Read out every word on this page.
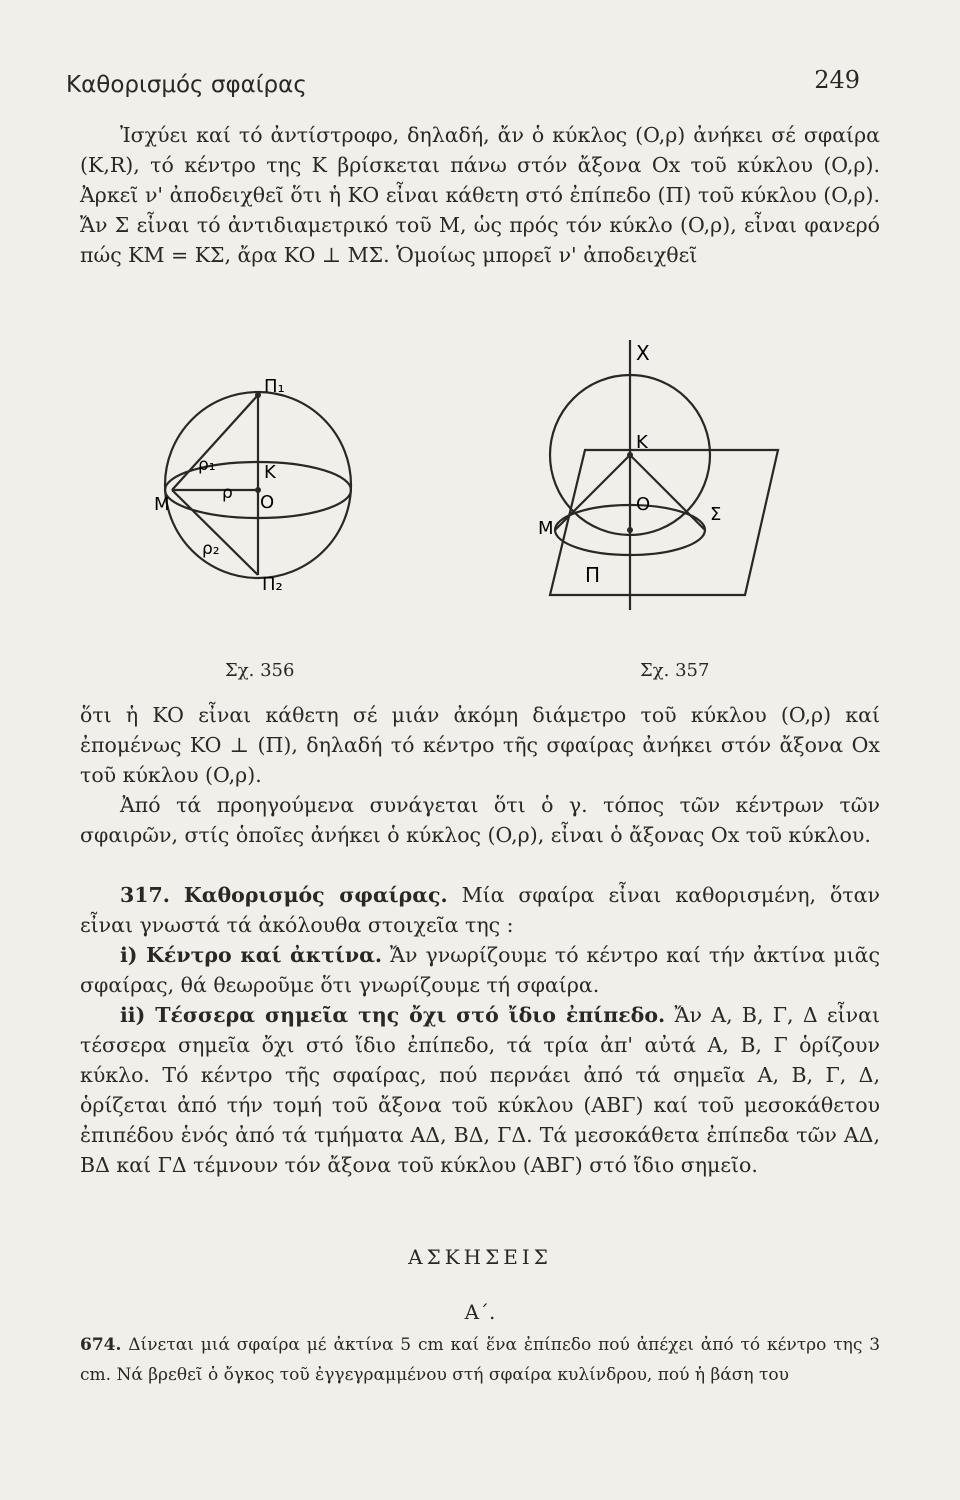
Καθορισμός σφαίρας	249

Ἰσχύει καί τό ἀντίστροφο, δηλαδή, ἄν ὁ κύκλος (O,ρ) ἀνήκει σέ σφαίρα (K,R), τό κέντρο της K βρίσκεται πάνω στόν ἄξονα Ox τοῦ κύκλου (O,ρ). Ἀρκεῖ ν' ἀποδειχθεῖ ὅτι ἡ KO εἶναι κάθετη στό ἐπίπεδο (Π) τοῦ κύκλου (O,ρ). Ἄν Σ εἶναι τό ἀντιδιαμετρικό τοῦ M, ὡς πρός τόν κύκλο (O,ρ), εἶναι φανερό πώς KM = KΣ, ἄρα KO ⊥ MΣ. Ὁμοίως μπορεῖ ν' ἀποδειχθεῖ

Π₁
Π₂
ρ₁
ρ₂
ρ
K
O
M
Σχ. 356
X
K
O
M
Σ
Π
Σχ. 357

ὅτι ἡ KO εἶναι κάθετη σέ μιάν ἀκόμη διάμετρο τοῦ κύκλου (O,ρ) καί ἐπομένως KO ⊥ (Π), δηλαδή τό κέντρο τῆς σφαίρας ἀνήκει στόν ἄξονα Ox τοῦ κύκλου (O,ρ).

Ἀπό τά προηγούμενα συνάγεται ὅτι ὁ γ. τόπος τῶν κέντρων τῶν σφαιρῶν, στίς ὁποῖες ἀνήκει ὁ κύκλος (O,ρ), εἶναι ὁ ἄξονας Ox τοῦ κύκλου.

317. Καθορισμός σφαίρας. Μία σφαίρα εἶναι καθορισμένη, ὅταν εἶναι γνωστά τά ἀκόλουθα στοιχεῖα της :

i) Κέντρο καί ἀκτίνα. Ἄν γνωρίζουμε τό κέντρο καί τήν ἀκτίνα μιᾶς σφαίρας, θά θεωροῦμε ὅτι γνωρίζουμε τή σφαίρα.

ii) Τέσσερα σημεῖα της ὄχι στό ἴδιο ἐπίπεδο. Ἄν A, B, Γ, Δ εἶναι τέσσερα σημεῖα ὄχι στό ἴδιο ἐπίπεδο, τά τρία ἀπ' αὐτά A, B, Γ ὁρίζουν κύκλο. Τό κέντρο τῆς σφαίρας, πού περνάει ἀπό τά σημεῖα A, B, Γ, Δ, ὁρίζεται ἀπό τήν τομή τοῦ ἄξονα τοῦ κύκλου (ΑΒΓ) καί τοῦ μεσοκάθετου ἐπιπέδου ἑνός ἀπό τά τμήματα ΑΔ, ΒΔ, ΓΔ. Τά μεσοκάθετα ἐπίπεδα τῶν ΑΔ, ΒΔ καί ΓΔ τέμνουν τόν ἄξονα τοῦ κύκλου (ΑΒΓ) στό ἴδιο σημεῖο.

ΑΣΚΗΣΕΙΣ
Α΄.
674. Δίνεται μιά σφαίρα μέ ἀκτίνα 5 cm καί ἕνα ἐπίπεδο πού ἀπέχει ἀπό τό κέντρο της 3 cm. Νά βρεθεῖ ὁ ὄγκος τοῦ ἐγγεγραμμένου στή σφαίρα κυλίνδρου, πού ἡ βάση του
